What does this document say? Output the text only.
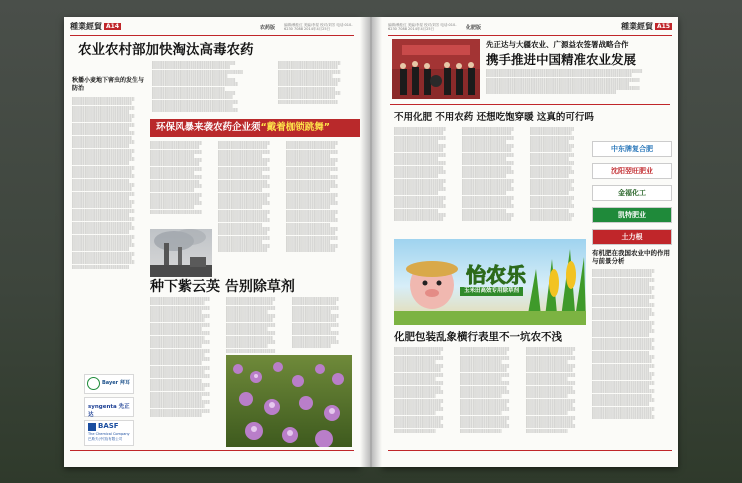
種業經貿 A14	农药版	编辑/赖桂红 美编/李星 校对/刘芳 电话:010-6230 7088 2014年4月25日
农业农村部加快淘汰高毒农药
░░░░░░░░░░░░░░░░░░░░░░░░░░░░░░░░ ░░░░░░░░░░░░░░░░░░░░░░░░░░░░░░ ░░░░░░░░░░░░░░░░░░░░░░░░░░░░░░░░░░░ ░░░░░░░░░░░░░░░░░░░░░░░░░░░░░ ░░░░░░░░░░░░░░░░░░░░░░░░░░░░░░░░ ░░░░░░░░░░░░░░░░░░░░░░░░░░░░░░░░░ ░░░░░░░░░░░░░░░░░░░░░░░░░░░░ ░░░░░░░░░░░░░░░░░░░░░░░░░░░░░░░░ ░░░░░░░░░░░░░░░░░░░░░░░░░░░░░░░ ░░░░░░░░░░░░░░░░░░░░░░░░░░░░░░░░░ ░░░░░░░░░░░░░░░░░░░░░░░░░░░░░░░ ░░░░░░░░░░░░░░░░░░░░░░░░░░░░░░░░░
░░░░░░░░░░░░░░░░░░░░░░░░ ░░░░░░░░░░░░░░░░░░░░░░░ ░░░░░░░░░░░░░░░░░░░░░░░░ ░░░░░░░░░░░░░░░░░░░░░ ░░░░░░░░░░░░░░░░░░░░░░░░ ░░░░░░░░░░░░░░░░░░░░░░░ ░░░░░░░░░░░░░░░░░░░░░░ ░░░░░░░░░░░░░░░░░░░░░░░░ ░░░░░░░░░░░░░░░░░░░░░░ ░░░░░░░░░░░░░░░░░░░░░░░
秋播小麦地下害虫的发生与防治
░░░░░░░░░░░░░░░░░░░░░░░░ ░░░░░░░░░░░░░░░░░░░░░░░ ░░░░░░░░░░░░░░░░░░░░░░░░ ░░░░░░░░░░░░░░░░░░░░░░ ░░░░░░░░░░░░░░░░░░░░░░░░ ░░░░░░░░░░░░░░░░░░░░░░░ ░░░░░░░░░░░░░░░░░░░░░░░░ ░░░░░░░░░░░░░░░░░░░░░░ ░░░░░░░░░░░░░░░░░░░░░░░░ ░░░░░░░░░░░░░░░░░░░░░░░ ░░░░░░░░░░░░░░░░░░░░░░░░ ░░░░░░░░░░░░░░░░░░░░░░ ░░░░░░░░░░░░░░░░░░░░░░░░ ░░░░░░░░░░░░░░░░░░░░░░░ ░░░░░░░░░░░░░░░░░░░░░░░░ ░░░░░░░░░░░░░░░░░░░░░░ ░░░░░░░░░░░░░░░░░░░░░░░░ ░░░░░░░░░░░░░░░░░░░░░░░ ░░░░░░░░░░░░░░░░░░░░░░░░ ░░░░░░░░░░░░░░░░░░░░░░ ░░░░░░░░░░░░░░░░░░░░░░░░ ░░░░░░░░░░░░░░░░░░░░░░░ ░░░░░░░░░░░░░░░░░░░░░░░░ ░░░░░░░░░░░░░░░░░░░░░░ ░░░░░░░░░░░░░░░░░░░░░░░░ ░░░░░░░░░░░░░░░░░░░░░░░ ░░░░░░░░░░░░░░░░░░░░░░░░ ░░░░░░░░░░░░░░░░░░░░░░ ░░░░░░░░░░░░░░░░░░░░░░░░ ░░░░░░░░░░░░░░░░░░░░░░░ ░░░░░░░░░░░░░░░░░░░░░░░░ ░░░░░░░░░░░░░░░░░░░░░░ ░░░░░░░░░░░░░░░░░░░░░░░░ ░░░░░░░░░░░░░░░░░░░░░░░ ░░░░░░░░░░░░░░░░░░░░░░░░ ░░░░░░░░░░░░░░░░░░░░░░ ░░░░░░░░░░░░░░░░░░░░░░░░ ░░░░░░░░░░░░░░░░░░░░░░░ ░░░░░░░░░░░░░░░░░░░░░░░░ ░░░░░░░░░░░░░░░░░░░░░░
环保风暴来袭农药企业须“戴着枷锁跳舞”
░░░░░░░░░░░░░░░░░░░░ ░░░░░░░░░░░░░░░░░░░ ░░░░░░░░░░░░░░░░░░░░ ░░░░░░░░░░░░░░░░░ ░░░░░░░░░░░░░░░░░░░░ ░░░░░░░░░░░░░░░░░░░ ░░░░░░░░░░░░░░░░░░░░ ░░░░░░░░░░░░░░░░░ ░░░░░░░░░░░░░░░░░░░░ ░░░░░░░░░░░░░░░░░░░ ░░░░░░░░░░░░░░░░░░░░ ░░░░░░░░░░░░░░░░░ ░░░░░░░░░░░░░░░░░░░░ ░░░░░░░░░░░░░░░░░░░ ░░░░░░░░░░░░░░░░░░░░ ░░░░░░░░░░░░░░░░░ ░░░░░░░░░░░░░░░░░░░░
░░░░░░░░░░░░░░░░░░░░ ░░░░░░░░░░░░░░░░░░░ ░░░░░░░░░░░░░░░░░░░░ ░░░░░░░░░░░░░░░░░ ░░░░░░░░░░░░░░░░░░░░ ░░░░░░░░░░░░░░░░░░░ ░░░░░░░░░░░░░░░░░░░░ ░░░░░░░░░░░░░░░░░ ░░░░░░░░░░░░░░░░░░░░ ░░░░░░░░░░░░░░░░░░░ ░░░░░░░░░░░░░░░░░░░░ ░░░░░░░░░░░░░░░░░ ░░░░░░░░░░░░░░░░░░░░ ░░░░░░░░░░░░░░░░░░░ ░░░░░░░░░░░░░░░░░░░░ ░░░░░░░░░░░░░░░░░ ░░░░░░░░░░░░░░░░░░░░ ░░░░░░░░░░░░░░░░░░░ ░░░░░░░░░░░░░░░░░░░░ ░░░░░░░░░░░░░░░░░ ░░░░░░░░░░░░░░░░░░░░ ░░░░░░░░░░░░░░░░░░░ ░░░░░░░░░░░░░░░░░░░░ ░░░░░░░░░░░░░░░░░ ░░░░░░░░░░░░░░░░░░░░ ░░░░░░░░░░░░░░░░░░░
░░░░░░░░░░░░░░░░░░░░ ░░░░░░░░░░░░░░░░░░░ ░░░░░░░░░░░░░░░░░░░░ ░░░░░░░░░░░░░░░░░ ░░░░░░░░░░░░░░░░░░░░ ░░░░░░░░░░░░░░░░░░░ ░░░░░░░░░░░░░░░░░░░░ ░░░░░░░░░░░░░░░░░ ░░░░░░░░░░░░░░░░░░░░ ░░░░░░░░░░░░░░░░░░░ ░░░░░░░░░░░░░░░░░░░░ ░░░░░░░░░░░░░░░░░ ░░░░░░░░░░░░░░░░░░░░ ░░░░░░░░░░░░░░░░░░░ ░░░░░░░░░░░░░░░░░░░░ ░░░░░░░░░░░░░░░░░ ░░░░░░░░░░░░░░░░░░░░ ░░░░░░░░░░░░░░░░░░░ ░░░░░░░░░░░░░░░░░░░░ ░░░░░░░░░░░░░░░░░ ░░░░░░░░░░░░░░░░░░░░ ░░░░░░░░░░░░░░░░░░░ ░░░░░░░░░░░░░░░░░░░░ ░░░░░░░░░░░░░░░░░ ░░░░░░░░░░░░░░░░░░░░ ░░░░░░░░░░░░░░░░░░░
种下紫云英 告别除草剂
░░░░░░░░░░░░░░░░░░░░░░░ ░░░░░░░░░░░░░░░░░░░░░ ░░░░░░░░░░░░░░░░░░░░░░░ ░░░░░░░░░░░░░░░░░░░░ ░░░░░░░░░░░░░░░░░░░░░░░ ░░░░░░░░░░░░░░░░░░░░░ ░░░░░░░░░░░░░░░░░░░░░░░ ░░░░░░░░░░░░░░░░░░░░ ░░░░░░░░░░░░░░░░░░░░░░░ ░░░░░░░░░░░░░░░░░░░░░ ░░░░░░░░░░░░░░░░░░░░░░░ ░░░░░░░░░░░░░░░░░░░░ ░░░░░░░░░░░░░░░░░░░░░░░ ░░░░░░░░░░░░░░░░░░░░░ ░░░░░░░░░░░░░░░░░░░░░░░ ░░░░░░░░░░░░░░░░░░░░ ░░░░░░░░░░░░░░░░░░░░░░░ ░░░░░░░░░░░░░░░░░░░░░ ░░░░░░░░░░░░░░░░░░░░░░░ ░░░░░░░░░░░░░░░░░░░░ ░░░░░░░░░░░░░░░░░░░░░░░ ░░░░░░░░░░░░░░░░░░░░░ ░░░░░░░░░░░░░░░░░░░░░░░ ░░░░░░░░░░░░░░░░░░░░ ░░░░░░░░░░░░░░░░░░░░░░░ ░░░░░░░░░░░░░░░░░░░░░ ░░░░░░░░░░░░░░░░░░░░░░░ ░░░░░░░░░░░░░░░░░░░░
░░░░░░░░░░░░░░░░░░░ ░░░░░░░░░░░░░░░░░░ ░░░░░░░░░░░░░░░░░░░ ░░░░░░░░░░░░░░░░ ░░░░░░░░░░░░░░░░░░░ ░░░░░░░░░░░░░░░░░░ ░░░░░░░░░░░░░░░░░░░ ░░░░░░░░░░░░░░░░ ░░░░░░░░░░░░░░░░░░░ ░░░░░░░░░░░░░░░░░░ ░░░░░░░░░░░░░░░░░░░ ░░░░░░░░░░░░░░░░ ░░░░░░░░░░░░░░░░░░░
░░░░░░░░░░░░░░░░░░ ░░░░░░░░░░░░░░░░░ ░░░░░░░░░░░░░░░░░░ ░░░░░░░░░░░░░░░ ░░░░░░░░░░░░░░░░░░ ░░░░░░░░░░░░░░░░░ ░░░░░░░░░░░░░░░░░░ ░░░░░░░░░░░░░░░ ░░░░░░░░░░░░░░░░░░ ░░░░░░░░░░░░░░░░░ ░░░░░░░░░░░░░░░░░░ ░░░░░░░░░░░░░░░
Bayer 拜耳
syngenta 先正达
BASF
The Chemical Company
巴斯夫(中国)有限公司
编辑/赖桂红 美编/李星 校对/刘芳 电话:010-6230 7088 2014年4月25日	化肥版	種業經貿 A15
先正达与大疆农业、广源益农签署战略合作
携手推进中国精准农业发展
░░░░░░░░░░░░░░░░░░░░░░░░░░░░░░░░░░░░░░░░░░░░░░░░░░░░░░░░░░░░ ░░░░░░░░░░░░░░░░░░░░░░░░░░░░░░░░░░░░░░░░░░░░░░░░░░░░░░░░ ░░░░░░░░░░░░░░░░░░░░░░░░░░░░░░░░░░░░░░░░░░░░░░░░░░░░░░░░░░░ ░░░░░░░░░░░░░░░░░░░░░░░░░░░░░░░░░░░░░░░░░░░░░░░░░░░░░░░ ░░░░░░░░░░░░░░░░░░░░░░░░░░░░░░░░░░░░░░░░░░░░░░░░░░░░░░░░░░░ ░░░░░░░░░░░░░░░░░░░░░░░░░░░░░░░░░░░░░░░░░░░░░░░░░░
不用化肥 不用农药 还想吃饱穿暖 这真的可行吗
░░░░░░░░░░░░░░░░░░░░ ░░░░░░░░░░░░░░░░░░░ ░░░░░░░░░░░░░░░░░░░░ ░░░░░░░░░░░░░░░░░ ░░░░░░░░░░░░░░░░░░░░ ░░░░░░░░░░░░░░░░░░░ ░░░░░░░░░░░░░░░░░░░░ ░░░░░░░░░░░░░░░░░ ░░░░░░░░░░░░░░░░░░░░ ░░░░░░░░░░░░░░░░░░░ ░░░░░░░░░░░░░░░░░░░░ ░░░░░░░░░░░░░░░░░ ░░░░░░░░░░░░░░░░░░░░ ░░░░░░░░░░░░░░░░░░░ ░░░░░░░░░░░░░░░░░░░░ ░░░░░░░░░░░░░░░░░ ░░░░░░░░░░░░░░░░░░░░ ░░░░░░░░░░░░░░░░░░░ ░░░░░░░░░░░░░░░░░░░░ ░░░░░░░░░░░░░░░░░ ░░░░░░░░░░░░░░░░░░░░ ░░░░░░░░░░░░░░░░░░░
░░░░░░░░░░░░░░░░░░░░ ░░░░░░░░░░░░░░░░░░░ ░░░░░░░░░░░░░░░░░░░░ ░░░░░░░░░░░░░░░░░ ░░░░░░░░░░░░░░░░░░░░ ░░░░░░░░░░░░░░░░░░░ ░░░░░░░░░░░░░░░░░░░░ ░░░░░░░░░░░░░░░░░ ░░░░░░░░░░░░░░░░░░░░ ░░░░░░░░░░░░░░░░░░░ ░░░░░░░░░░░░░░░░░░░░ ░░░░░░░░░░░░░░░░░ ░░░░░░░░░░░░░░░░░░░░ ░░░░░░░░░░░░░░░░░░░ ░░░░░░░░░░░░░░░░░░░░ ░░░░░░░░░░░░░░░░░ ░░░░░░░░░░░░░░░░░░░░ ░░░░░░░░░░░░░░░░░░░ ░░░░░░░░░░░░░░░░░░░░ ░░░░░░░░░░░░░░░░░ ░░░░░░░░░░░░░░░░░░░░ ░░░░░░░░░░░░░░░░░░░
░░░░░░░░░░░░░░░░░ ░░░░░░░░░░░░░░░░ ░░░░░░░░░░░░░░░░░ ░░░░░░░░░░░░░░░ ░░░░░░░░░░░░░░░░░ ░░░░░░░░░░░░░░░░ ░░░░░░░░░░░░░░░░░ ░░░░░░░░░░░░░░░ ░░░░░░░░░░░░░░░░░ ░░░░░░░░░░░░░░░░ ░░░░░░░░░░░░░░░░░ ░░░░░░░░░░░░░░░ ░░░░░░░░░░░░░░░░░ ░░░░░░░░░░░░░░░░ ░░░░░░░░░░░░░░░░░ ░░░░░░░░░░░░░░░ ░░░░░░░░░░░░░░░░░ ░░░░░░░░░░░░░░░░ ░░░░░░░░░░░░░░░░░ ░░░░░░░░░░░░░░░ ░░░░░░░░░░░░░░░░░ ░░░░░░░░░░░░░░░░
怡农乐
玉米田高效专用除草剂
化肥包装乱象横行表里不一坑农不浅
░░░░░░░░░░░░░░░░░░░ ░░░░░░░░░░░░░░░░░░ ░░░░░░░░░░░░░░░░░░░ ░░░░░░░░░░░░░░░░ ░░░░░░░░░░░░░░░░░░░ ░░░░░░░░░░░░░░░░░░ ░░░░░░░░░░░░░░░░░░░ ░░░░░░░░░░░░░░░░ ░░░░░░░░░░░░░░░░░░░ ░░░░░░░░░░░░░░░░░░ ░░░░░░░░░░░░░░░░░░░ ░░░░░░░░░░░░░░░░ ░░░░░░░░░░░░░░░░░░░ ░░░░░░░░░░░░░░░░░░ ░░░░░░░░░░░░░░░░░░░ ░░░░░░░░░░░░░░░░ ░░░░░░░░░░░░░░░░░░░ ░░░░░░░░░░░░░░░░░░ ░░░░░░░░░░░░░░░░░░░ ░░░░░░░░░░░░░░░░
░░░░░░░░░░░░░░░░░░░ ░░░░░░░░░░░░░░░░░░ ░░░░░░░░░░░░░░░░░░░ ░░░░░░░░░░░░░░░░ ░░░░░░░░░░░░░░░░░░░ ░░░░░░░░░░░░░░░░░░ ░░░░░░░░░░░░░░░░░░░ ░░░░░░░░░░░░░░░░ ░░░░░░░░░░░░░░░░░░░ ░░░░░░░░░░░░░░░░░░ ░░░░░░░░░░░░░░░░░░░ ░░░░░░░░░░░░░░░░ ░░░░░░░░░░░░░░░░░░░ ░░░░░░░░░░░░░░░░░░ ░░░░░░░░░░░░░░░░░░░ ░░░░░░░░░░░░░░░░ ░░░░░░░░░░░░░░░░░░░ ░░░░░░░░░░░░░░░░░░ ░░░░░░░░░░░░░░░░░░░ ░░░░░░░░░░░░░░░░
░░░░░░░░░░░░░░░░░░░ ░░░░░░░░░░░░░░░░░░ ░░░░░░░░░░░░░░░░░░░ ░░░░░░░░░░░░░░░░ ░░░░░░░░░░░░░░░░░░░ ░░░░░░░░░░░░░░░░░░ ░░░░░░░░░░░░░░░░░░░ ░░░░░░░░░░░░░░░░ ░░░░░░░░░░░░░░░░░░░ ░░░░░░░░░░░░░░░░░░ ░░░░░░░░░░░░░░░░░░░ ░░░░░░░░░░░░░░░░ ░░░░░░░░░░░░░░░░░░░ ░░░░░░░░░░░░░░░░░░ ░░░░░░░░░░░░░░░░░░░ ░░░░░░░░░░░░░░░░ ░░░░░░░░░░░░░░░░░░░ ░░░░░░░░░░░░░░░░░░ ░░░░░░░░░░░░░░░░░░░ ░░░░░░░░░░░░░░░░
中东牌复合肥
沈阳翌旺肥业
金福化工
凯特肥业
土力根
有机肥在我国农业中的作用与前景分析
░░░░░░░░░░░░░░░░░░░░░░░░ ░░░░░░░░░░░░░░░░░░░░░░░ ░░░░░░░░░░░░░░░░░░░░░░░░ ░░░░░░░░░░░░░░░░░░░░░░ ░░░░░░░░░░░░░░░░░░░░░░░░ ░░░░░░░░░░░░░░░░░░░░░░░ ░░░░░░░░░░░░░░░░░░░░░░░░ ░░░░░░░░░░░░░░░░░░░░░░ ░░░░░░░░░░░░░░░░░░░░░░░░ ░░░░░░░░░░░░░░░░░░░░░░░ ░░░░░░░░░░░░░░░░░░░░░░░░ ░░░░░░░░░░░░░░░░░░░░░░ ░░░░░░░░░░░░░░░░░░░░░░░░ ░░░░░░░░░░░░░░░░░░░░░░░ ░░░░░░░░░░░░░░░░░░░░░░░░ ░░░░░░░░░░░░░░░░░░░░░░ ░░░░░░░░░░░░░░░░░░░░░░░░ ░░░░░░░░░░░░░░░░░░░░░░░ ░░░░░░░░░░░░░░░░░░░░░░░░ ░░░░░░░░░░░░░░░░░░░░░░ ░░░░░░░░░░░░░░░░░░░░░░░░ ░░░░░░░░░░░░░░░░░░░░░░░ ░░░░░░░░░░░░░░░░░░░░░░░░ ░░░░░░░░░░░░░░░░░░░░░░ ░░░░░░░░░░░░░░░░░░░░░░░░ ░░░░░░░░░░░░░░░░░░░░░░░ ░░░░░░░░░░░░░░░░░░░░░░░░ ░░░░░░░░░░░░░░░░░░░░░░ ░░░░░░░░░░░░░░░░░░░░░░░░ ░░░░░░░░░░░░░░░░░░░░░░░ ░░░░░░░░░░░░░░░░░░░░░░░░ ░░░░░░░░░░░░░░░░░░░░░░ ░░░░░░░░░░░░░░░░░░░░░░░░ ░░░░░░░░░░░░░░░░░░░░░░░ ░░░░░░░░░░░░░░░░░░░░░░░░
